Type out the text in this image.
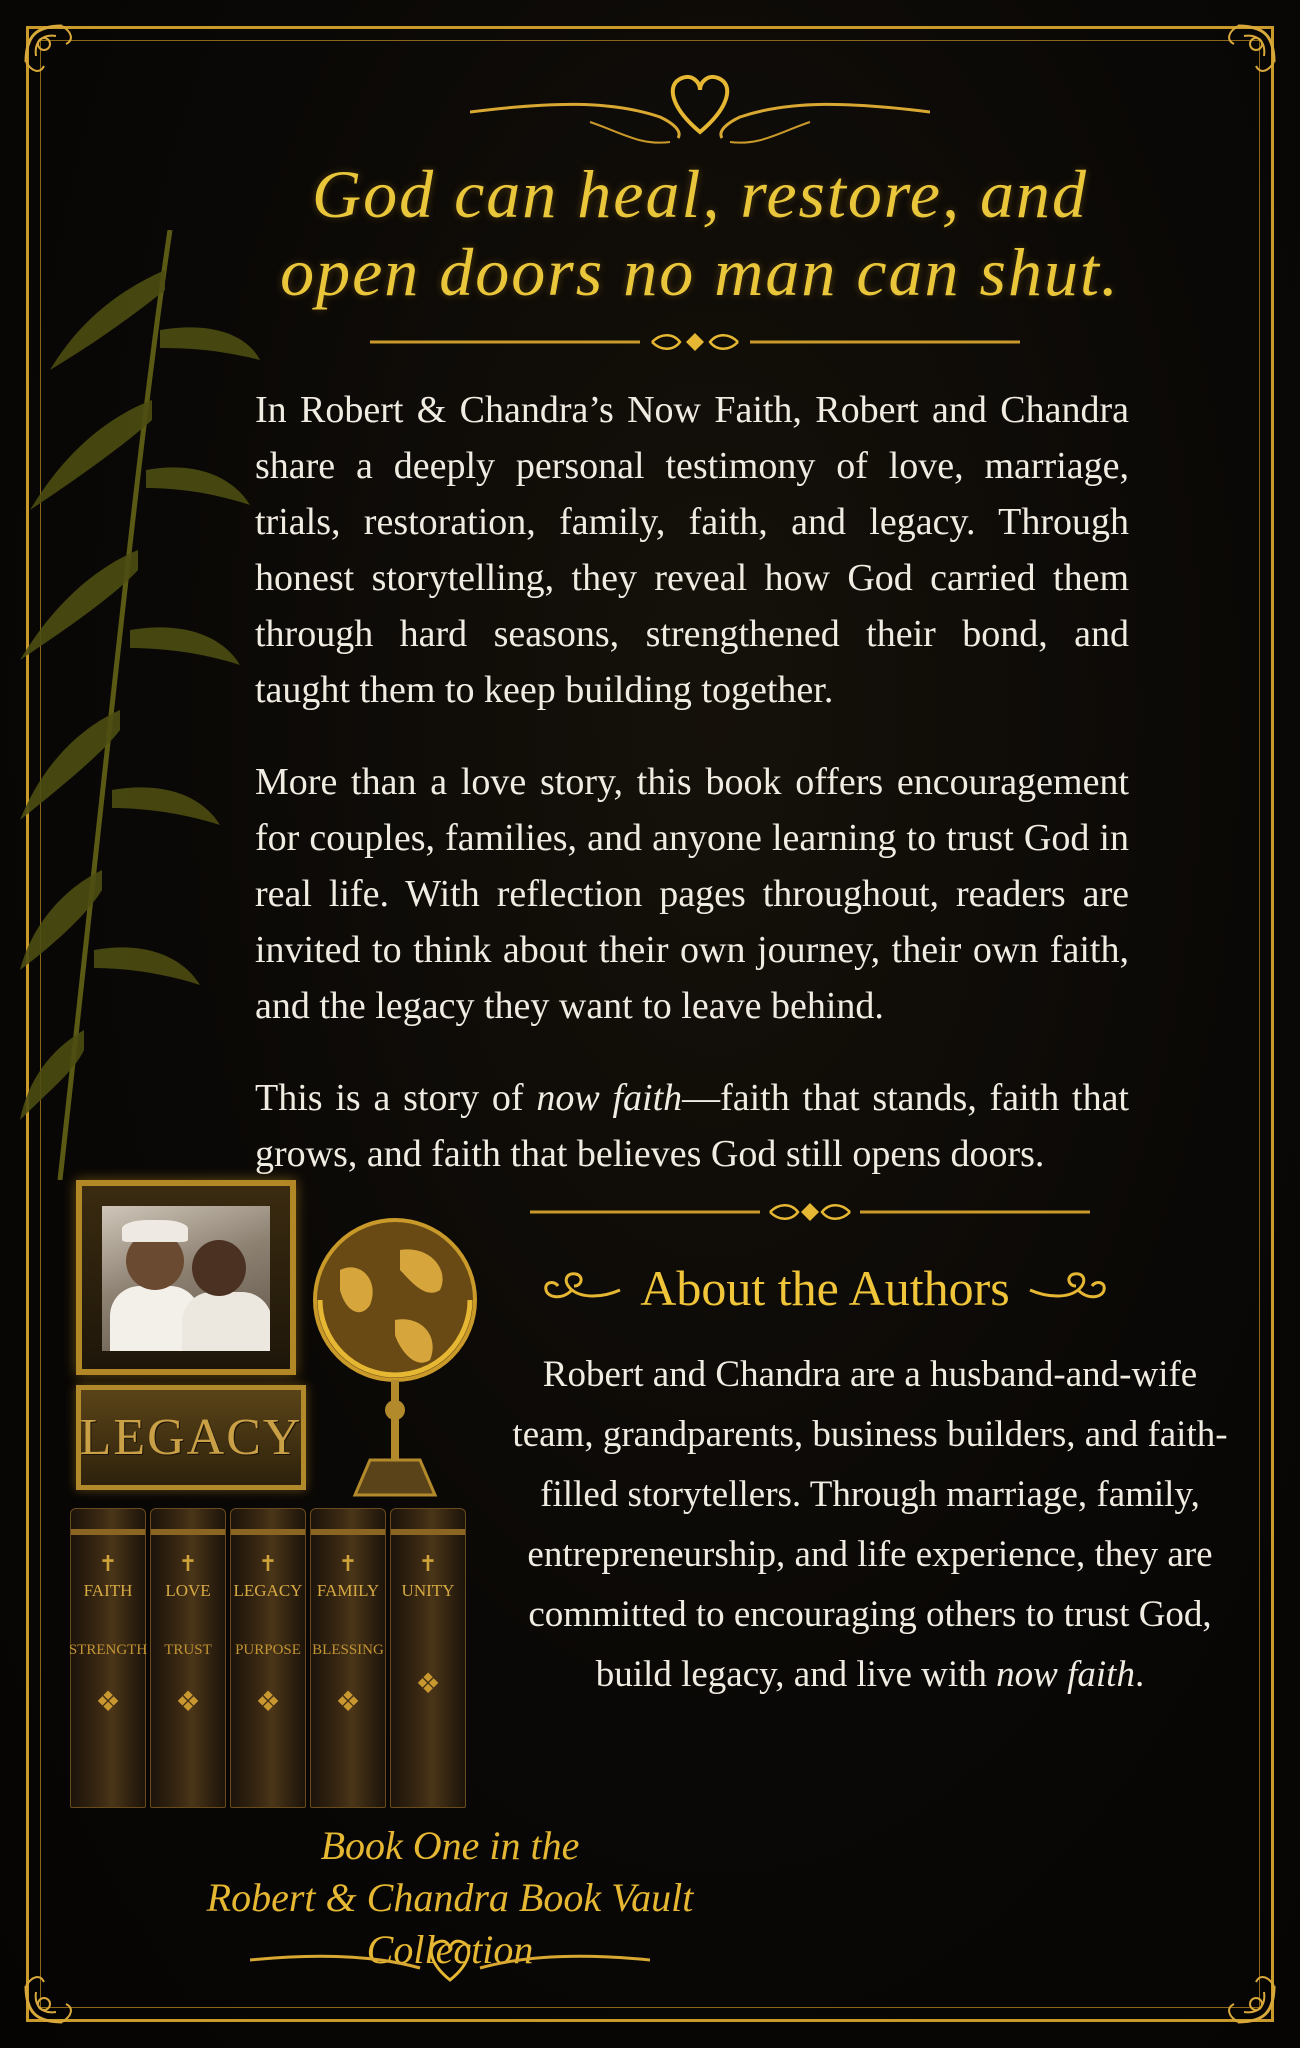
God can heal, restore, and
open doors no man can shut.

In Robert & Chandra’s Now Faith, Robert and Chandra share a deeply personal testimony of love, marriage, trials, restoration, family, faith, and legacy. Through honest storytelling, they reveal how God carried them through hard seasons, strengthened their bond, and taught them to keep building together.

More than a love story, this book offers encouragement for couples, families, and anyone learning to trust God in real life. With reflection pages throughout, readers are invited to think about their own journey, their own faith, and the legacy they want to leave behind.

This is a story of now faith—faith that stands, faith that grows, and faith that believes God still opens doors.

About the Authors
Robert and Chandra are a husband-and-wife team, grandparents, business builders, and faith-filled storytellers. Through marriage, family, entrepreneurship, and life experience, they are committed to encouraging others to trust God, build legacy, and live with now faith.
LEGACY
✝
FAITH
STRENGTH
❖
✝
LOVE
TRUST
❖
✝
LEGACY
PURPOSE
❖
✝
FAMILY
BLESSING
❖
✝
UNITY
❖
Book One in the
Robert & Chandra Book Vault Collection
